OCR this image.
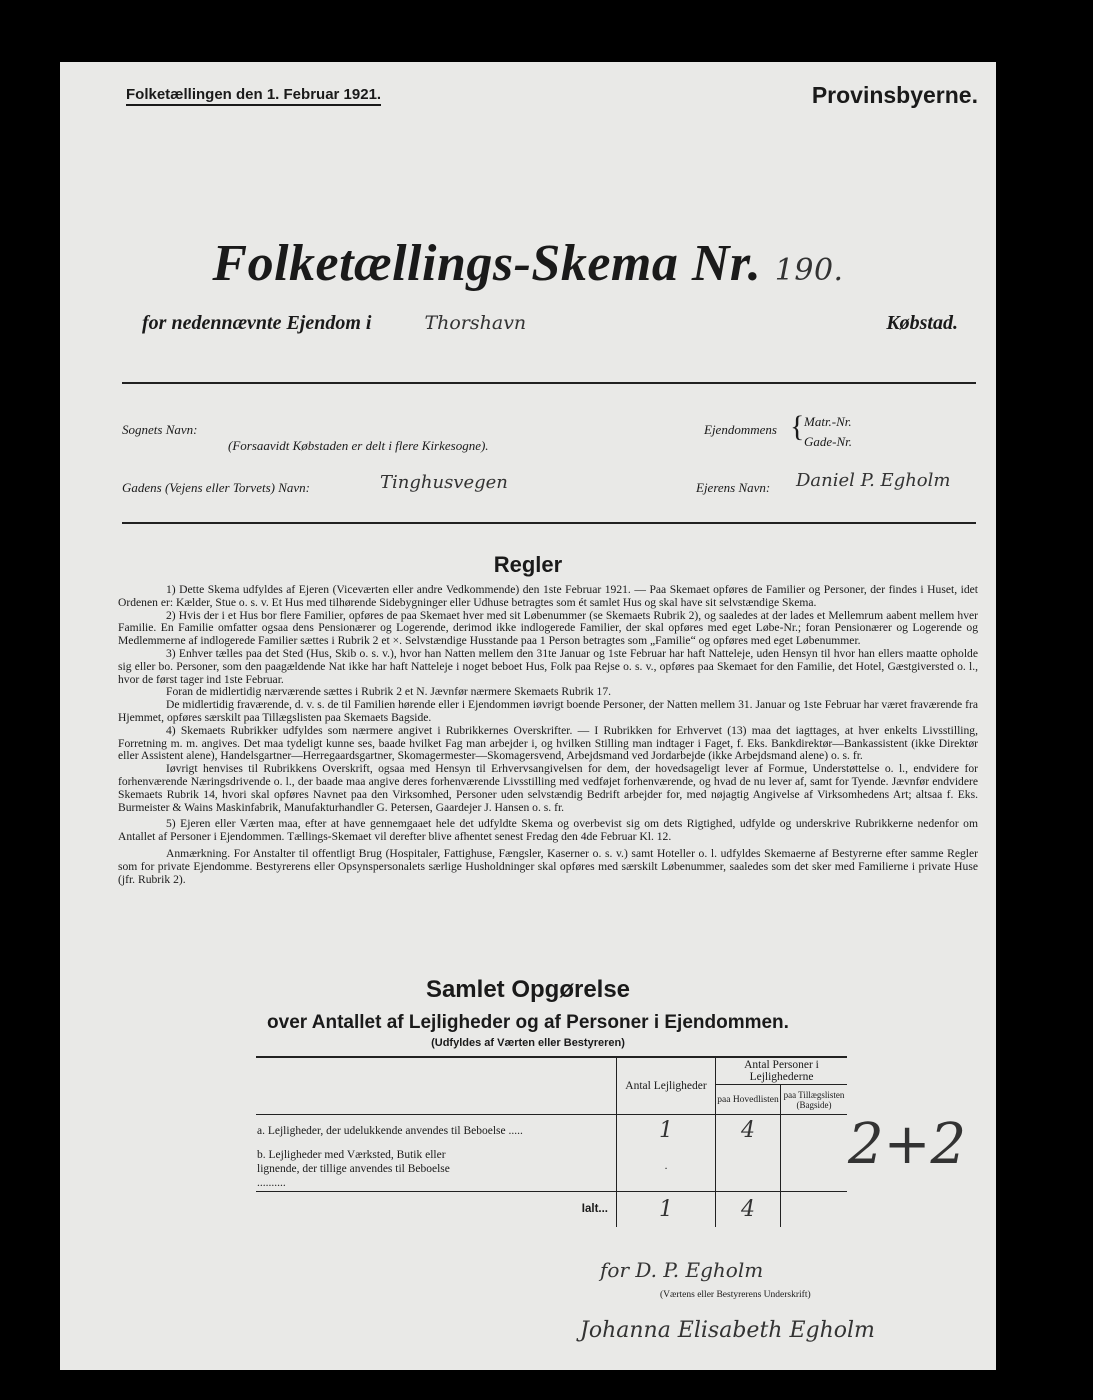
Folketællingen den 1. Februar 1921.	Provinsbyerne.
Folketællings-Skema Nr. 190.
for nedennævnte Ejendom i	Thorshavn	Købstad.
Sognets Navn:
(Forsaavidt Købstaden er delt i flere Kirkesogne).
Ejendommens { Matr.-Nr.
Gade-Nr.
Gadens (Vejens eller Torvets) Navn:	Tinghusvegen	Ejerens Navn: Daniel P. Egholm
Regler

1) Dette Skema udfyldes af Ejeren (Viceværten eller andre Vedkommende) den 1ste Februar 1921. — Paa Skemaet opføres de Familier og Personer, der findes i Huset, idet Ordenen er: Kælder, Stue o. s. v. Et Hus med tilhørende Sidebygninger eller Udhuse betragtes som ét samlet Hus og skal have sit selvstændige Skema.

2) Hvis der i et Hus bor flere Familier, opføres de paa Skemaet hver med sit Løbenummer (se Skemaets Rubrik 2), og saaledes at der lades et Mellemrum aabent mellem hver Familie. En Familie omfatter ogsaa dens Pensionærer og Logerende, derimod ikke indlogerede Familier, der skal opføres med eget Løbe-Nr.; foran Pensionærer og Logerende og Medlemmerne af indlogerede Familier sættes i Rubrik 2 et ×. Selvstændige Husstande paa 1 Person betragtes som „Familie“ og opføres med eget Løbenummer.

3) Enhver tælles paa det Sted (Hus, Skib o. s. v.), hvor han Natten mellem den 31te Januar og 1ste Februar har haft Natteleje, uden Hensyn til hvor han ellers maatte opholde sig eller bo. Personer, som den paagældende Nat ikke har haft Natteleje i noget beboet Hus, Folk paa Rejse o. s. v., opføres paa Skemaet for den Familie, det Hotel, Gæstgiversted o. l., hvor de først tager ind 1ste Februar.

Foran de midlertidig nærværende sættes i Rubrik 2 et N. Jævnfør nærmere Skemaets Rubrik 17.

De midlertidig fraværende, d. v. s. de til Familien hørende eller i Ejendommen iøvrigt boende Personer, der Natten mellem 31. Januar og 1ste Februar har været fraværende fra Hjemmet, opføres særskilt paa Tillægslisten paa Skemaets Bagside.

4) Skemaets Rubrikker udfyldes som nærmere angivet i Rubrikkernes Overskrifter. — I Rubrikken for Erhvervet (13) maa det iagttages, at hver enkelts Livsstilling, Forretning m. m. angives. Det maa tydeligt kunne ses, baade hvilket Fag man arbejder i, og hvilken Stilling man indtager i Faget, f. Eks. Bankdirektør—Bankassistent (ikke Direktør eller Assistent alene), Handelsgartner—Herregaardsgartner, Skomagermester—Skomagersvend, Arbejdsmand ved Jordarbejde (ikke Arbejdsmand alene) o. s. fr.

Iøvrigt henvises til Rubrikkens Overskrift, ogsaa med Hensyn til Erhvervsangivelsen for dem, der hovedsageligt lever af Formue, Understøttelse o. l., endvidere for forhenværende Næringsdrivende o. l., der baade maa angive deres forhenværende Livsstilling med vedføjet forhenværende, og hvad de nu lever af, samt for Tyende. Jævnfør endvidere Skemaets Rubrik 14, hvori skal opføres Navnet paa den Virksomhed, Personer uden selvstændig Bedrift arbejder for, med nøjagtig Angivelse af Virksomhedens Art; altsaa f. Eks. Burmeister & Wains Maskinfabrik, Manufakturhandler G. Petersen, Gaardejer J. Hansen o. s. fr.

5) Ejeren eller Værten maa, efter at have gennemgaaet hele det udfyldte Skema og overbevist sig om dets Rigtighed, udfylde og underskrive Rubrikkerne nedenfor om Antallet af Personer i Ejendommen. Tællings-Skemaet vil derefter blive afhentet senest Fredag den 4de Februar Kl. 12.

Anmærkning. For Anstalter til offentligt Brug (Hospitaler, Fattighuse, Fængsler, Kaserner o. s. v.) samt Hoteller o. l. udfyldes Skemaerne af Bestyrerne efter samme Regler som for private Ejendomme. Bestyrerens eller Opsynspersonalets særlige Husholdninger skal opføres med særskilt Løbenummer, saaledes som det sker med Familierne i private Huse (jfr. Rubrik 2).

Samlet Opgørelse
over Antallet af Lejligheder og af Personer i Ejendommen.
(Udfyldes af Værten eller Bestyreren)
	Antal Lejligheder	Antal Personer i Lejlighederne	
		paa Hovedlisten	paa Tillægslisten (Bagside)
a. Lejligheder, der udelukkende anvendes til Beboelse .....	1	4	
b. Lejligheder med Værksted, Butik eller lignende, der tillige anvendes til Beboelse ..........	·		
Ialt...	1	4	
2+2
for D. P. Egholm
(Værtens eller Bestyrerens Underskrift)
Johanna Elisabeth Egholm
